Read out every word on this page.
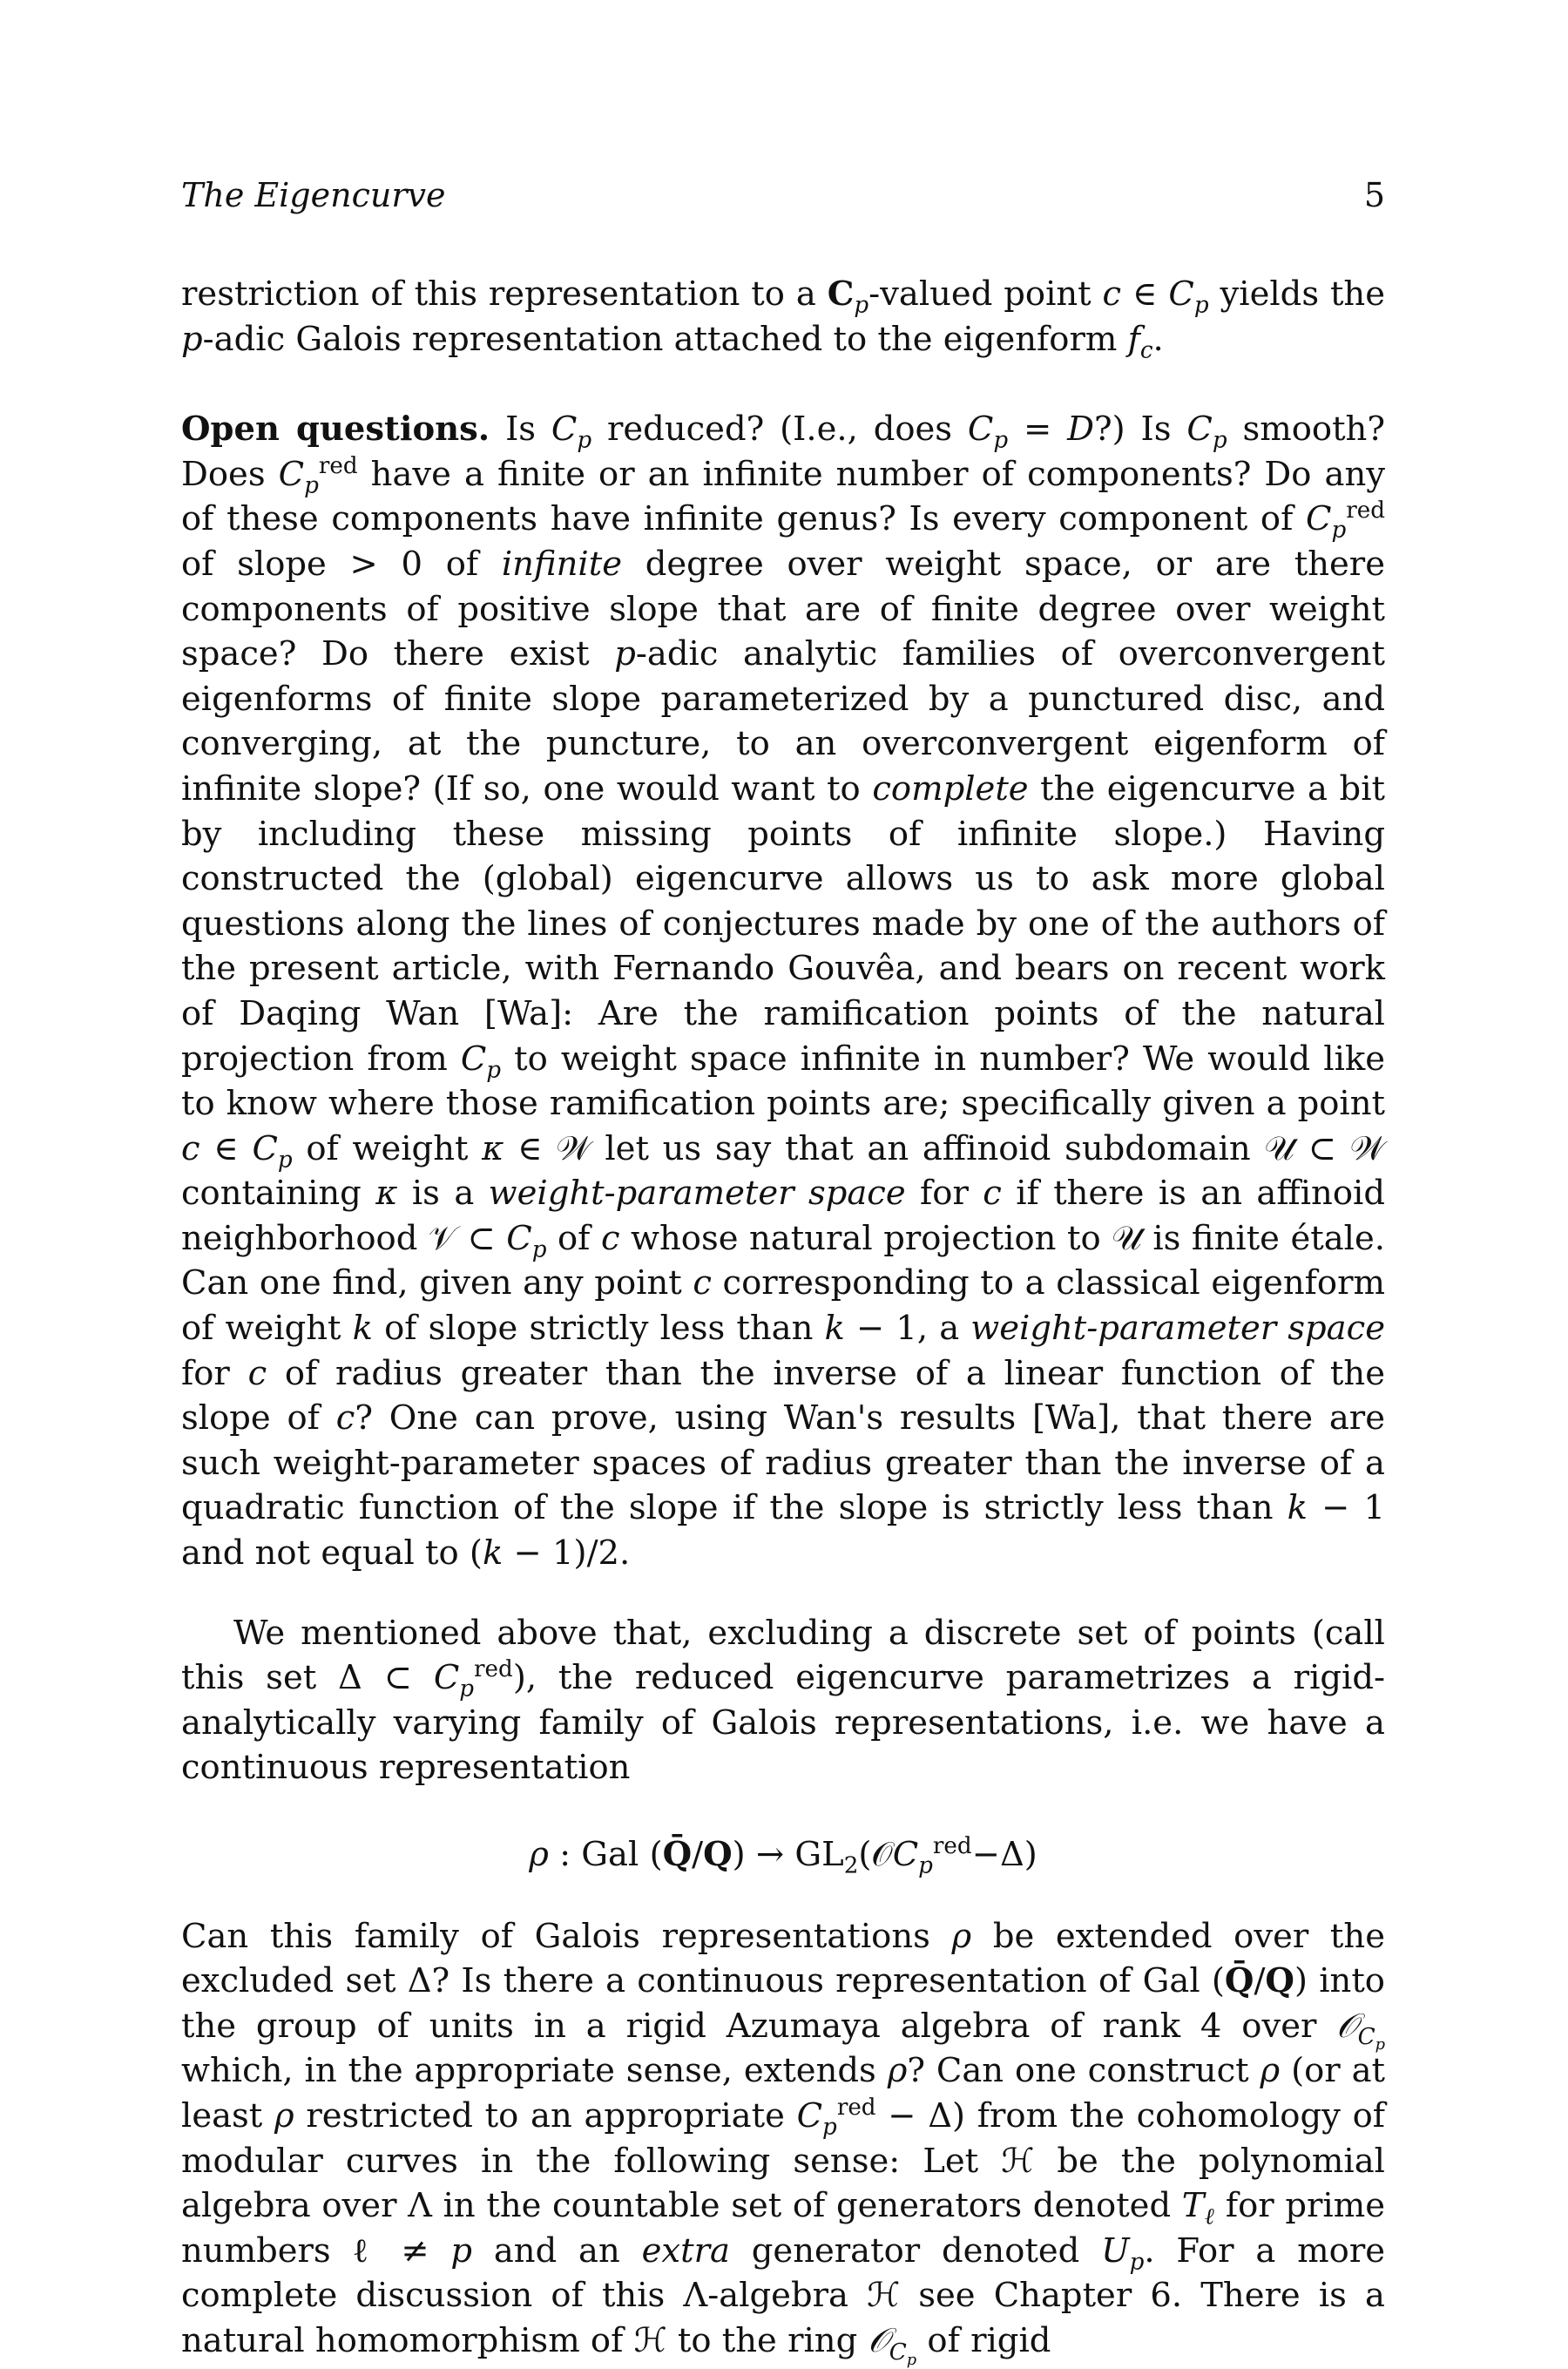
The Eigencurve	5

restriction of this representation to a $C_p$-valued point c ∈ $C_p$ yields the p-adic Galois representation attached to the eigenform $f_c$.

Open questions. Is $C_p$ reduced? (I.e., does $C_p$ = D?) Is $C_p$ smooth? Does $C_p^{red}$ have a finite or an infinite number of components? Do any of these components have infinite genus? Is every component of $C_p^{red}$ of slope > 0 of infinite degree over weight space, or are there components of positive slope that are of finite degree over weight space? Do there exist p-adic analytic families of overconvergent eigenforms of finite slope parameterized by a punctured disc, and converging, at the puncture, to an overconvergent eigenform of infinite slope? (If so, one would want to complete the eigencurve a bit by including these missing points of infinite slope.) Having constructed the (global) eigencurve allows us to ask more global questions along the lines of conjectures made by one of the authors of the present article, with Fernando Gouvêa, and bears on recent work of Daqing Wan [Wa]: Are the ramification points of the natural projection from $C_p$ to weight space infinite in number? We would like to know where those ramification points are; specifically given a point c ∈ $C_p$ of weight κ ∈ 𝒲 let us say that an affinoid subdomain 𝒰 ⊂ 𝒲 containing κ is a weight-parameter space for c if there is an affinoid neighborhood 𝒱 ⊂ $C_p$ of c whose natural projection to 𝒰 is finite étale. Can one find, given any point c corresponding to a classical eigenform of weight k of slope strictly less than k − 1, a weight-parameter space for c of radius greater than the inverse of a linear function of the slope of c? One can prove, using Wan's results [Wa], that there are such weight-parameter spaces of radius greater than the inverse of a quadratic function of the slope if the slope is strictly less than k − 1 and not equal to (k − 1)/2.

We mentioned above that, excluding a discrete set of points (call this set Δ ⊂ $C_p^{red}$), the reduced eigencurve parametrizes a rigid-analytically varying family of Galois representations, i.e. we have a continuous representation

ρ : Gal (Q̄/Q) → $GL_2(𝒪C_p^{red}-\Delta)$

Can this family of Galois representations ρ be extended over the excluded set Δ? Is there a continuous representation of Gal (Q̄/Q) into the group of units in a rigid Azumaya algebra of rank 4 over 𝒪$_{C_p}$ which, in the appropriate sense, extends ρ? Can one construct ρ (or at least ρ restricted to an appropriate $C_p^{red} - \Delta$) from the cohomology of modular curves in the following sense: Let ℋ be the polynomial algebra over Λ in the countable set of generators denoted $T_\ell$ for prime numbers ℓ ≠ p and an extra generator denoted $U_p$. For a more complete discussion of this Λ-algebra ℋ see Chapter 6. There is a natural homomorphism of ℋ to the ring 𝒪$_{C_p}$ of rigid
